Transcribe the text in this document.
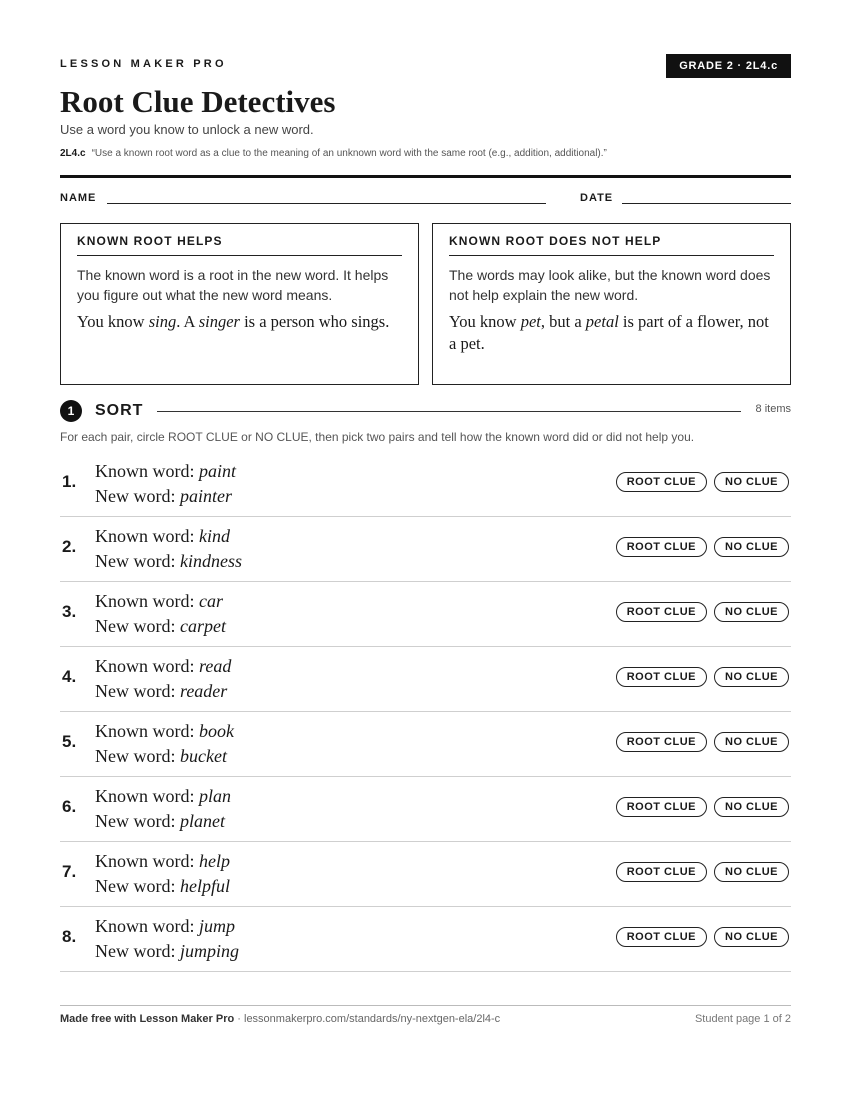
LESSON MAKER PRO	GRADE 2 · 2L4.c
Root Clue Detectives
Use a word you know to unlock a new word.
2L4.c “Use a known root word as a clue to the meaning of an unknown word with the same root (e.g., addition, additional).”
NAME	DATE
KNOWN ROOT HELPS
The known word is a root in the new word. It helps you figure out what the new word means.
You know sing. A singer is a person who sings.
KNOWN ROOT DOES NOT HELP
The words may look alike, but the known word does not help explain the new word.
You know pet, but a petal is part of a flower, not a pet.
1	SORT	8 items
For each pair, circle ROOT CLUE or NO CLUE, then pick two pairs and tell how the known word did or did not help you.
1.
Known word: paint
New word: painter
ROOT CLUE	NO CLUE
2.
Known word: kind
New word: kindness
ROOT CLUE	NO CLUE
3.
Known word: car
New word: carpet
ROOT CLUE	NO CLUE
4.
Known word: read
New word: reader
ROOT CLUE	NO CLUE
5.
Known word: book
New word: bucket
ROOT CLUE	NO CLUE
6.
Known word: plan
New word: planet
ROOT CLUE	NO CLUE
7.
Known word: help
New word: helpful
ROOT CLUE	NO CLUE
8.
Known word: jump
New word: jumping
ROOT CLUE	NO CLUE
Made free with Lesson Maker Pro · lessonmakerpro.com/standards/ny-nextgen-ela/2l4-c	Student page 1 of 2
